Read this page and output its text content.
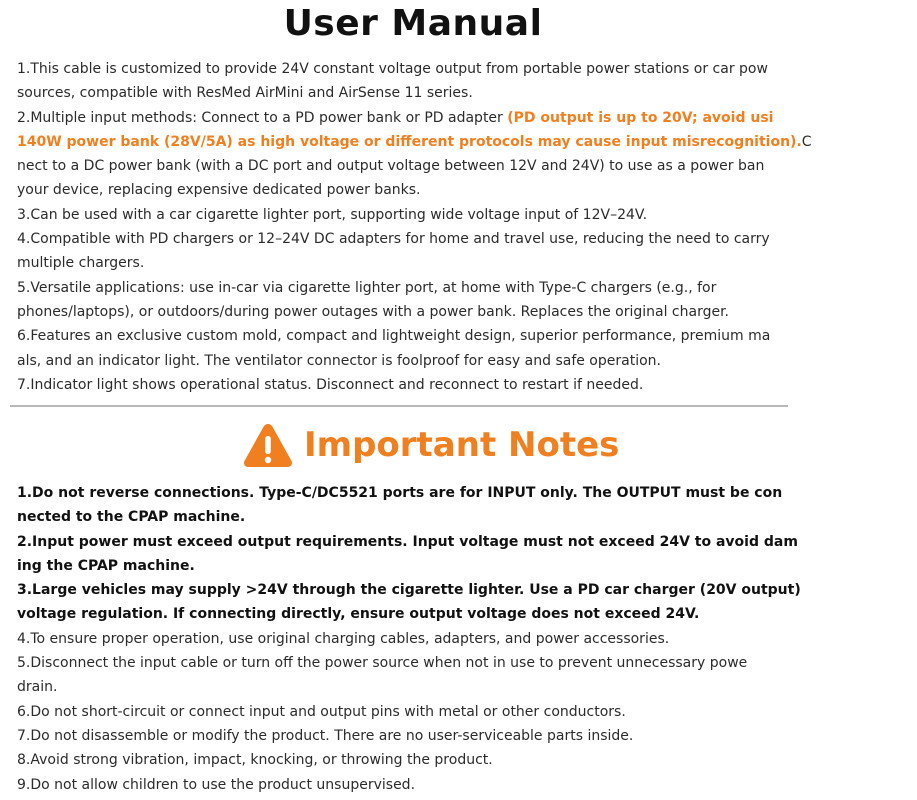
User Manual
1.This cable is customized to provide 24V constant voltage output from portable power stations or car pow
sources, compatible with ResMed AirMini and AirSense 11 series.
2.Multiple input methods: Connect to a PD power bank or PD adapter (PD output is up to 20V; avoid usi
140W power bank (28V/5A) as high voltage or different protocols may cause input misrecognition).C
nect to a DC power bank (with a DC port and output voltage between 12V and 24V) to use as a power ban
your device, replacing expensive dedicated power banks.
3.Can be used with a car cigarette lighter port, supporting wide voltage input of 12V–24V.
4.Compatible with PD chargers or 12–24V DC adapters for home and travel use, reducing the need to carry
multiple chargers.
5.Versatile applications: use in-car via cigarette lighter port, at home with Type-C chargers (e.g., for
phones/laptops), or outdoors/during power outages with a power bank. Replaces the original charger.
6.Features an exclusive custom mold, compact and lightweight design, superior performance, premium ma
als, and an indicator light. The ventilator connector is foolproof for easy and safe operation.
7.Indicator light shows operational status. Disconnect and reconnect to restart if needed.
Important Notes
1.Do not reverse connections. Type-C/DC5521 ports are for INPUT only. The OUTPUT must be con
nected to the CPAP machine.
2.Input power must exceed output requirements. Input voltage must not exceed 24V to avoid dam
ing the CPAP machine.
3.Large vehicles may supply >24V through the cigarette lighter. Use a PD car charger (20V output)
voltage regulation. If connecting directly, ensure output voltage does not exceed 24V.
4.To ensure proper operation, use original charging cables, adapters, and power accessories.
5.Disconnect the input cable or turn off the power source when not in use to prevent unnecessary powe
drain.
6.Do not short-circuit or connect input and output pins with metal or other conductors.
7.Do not disassemble or modify the product. There are no user-serviceable parts inside.
8.Avoid strong vibration, impact, knocking, or throwing the product.
9.Do not allow children to use the product unsupervised.
